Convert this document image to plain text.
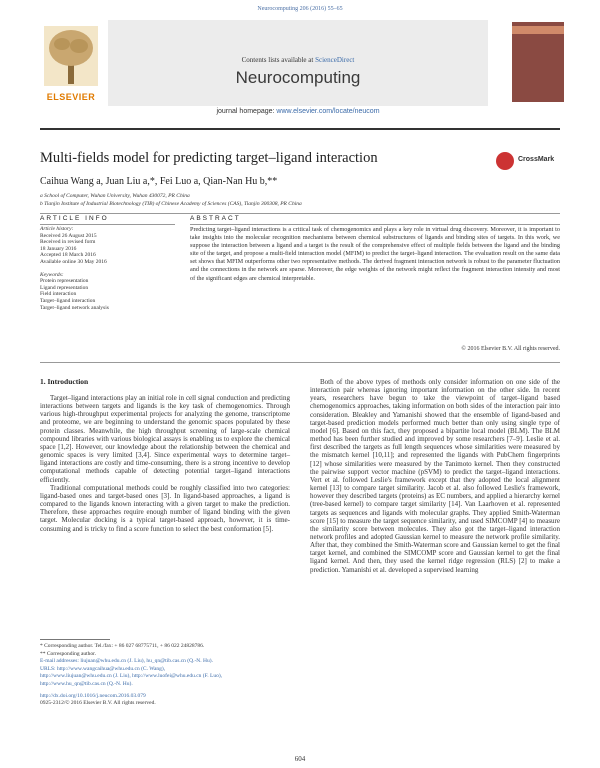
Neurocomputing 206 (2016) 55–65
ELSEVIER
Contents lists available at ScienceDirect
Neurocomputing
journal homepage: www.elsevier.com/locate/neucom
Multi-fields model for predicting target–ligand interaction	CrossMark
Caihua Wang a, Juan Liu a,*, Fei Luo a, Qian-Nan Hu b,**
a School of Computer, Wuhan University, Wuhan 430072, PR China
b Tianjin Institute of Industrial Biotechnology (TIB) of Chinese Academy of Sciences (CAS), Tianjin 300308, PR China
ARTICLE INFO	ABSTRACT
Article history:
Received 26 August 2015
Received in revised form
18 January 2016
Accepted 18 March 2016
Available online 30 May 2016
Keywords:
Protein representation
Ligand representation
Field interaction
Target–ligand interaction
Target–ligand network analysis
Predicting target–ligand interactions is a critical task of chemogenomics and plays a key role in virtual drug discovery. Moreover, it is important to take insights into the molecular recognition mechanisms between chemical substructures of ligands and binding sites of targets. In this work, we suppose the interaction between a ligand and a target is the result of the comprehensive effect of multiple fields between the ligand and the binding site of the target, and propose a multi-field interaction model (MFIM) to predict the target–ligand interaction. The evaluation result on the same data set shows that MFIM outperforms other two representative methods. The derived fragment interaction network is robust to the parameter fluctuation and the connections in the network are sparse. Moreover, the edge weights of the network might reflect the fragment interaction intensity and most of the significant edges are chemical interpretable.
© 2016 Elsevier B.V. All rights reserved.
1. Introduction

Target–ligand interactions play an initial role in cell signal conduction and predicting interactions between targets and ligands is the key task of chemogenomics. Through various high-throughput experimental projects for analyzing the genome, transcriptome and proteome, we are beginning to understand the genomic spaces populated by these protein classes. Meanwhile, the high throughput screening of large-scale chemical compound libraries with various biological assays is enabling us to explore the chemical space [1,2]. However, our knowledge about the relationship between the chemical and genomic spaces is very limited [3,4]. Since experimental ways to determine target–ligand interactions are costly and time-consuming, there is a strong incentive to develop computational methods capable of detecting potential target–ligand interactions efficiently.

Traditional computational methods could be roughly classified into two categories: ligand-based ones and target-based ones [3]. In ligand-based approaches, a ligand is compared to the ligands known interacting with a given target to make the prediction. Therefore, these approaches require enough number of ligand binding with the given target. Molecular docking is a typical target-based approach, however, it is time-consuming and is tricky to find a score function to select the best conformation [5].

Both of the above types of methods only consider information on one side of the interaction pair whereas ignoring important information on the other side. In recent years, researchers have begun to take the viewpoint of target–ligand based chemogenomics approaches, taking information on both sides of the interaction pair into consideration. Bleakley and Yamanishi showed that the ensemble of ligand-based and target-based prediction models performed much better than only using single type of model [6]. Based on this fact, they proposed a bipartite local model (BLM). The BLM method has been further studied and improved by some researchers [7–9]. Leslie et al. first described the targets as full length sequences whose similarities were measured by the mismatch kernel [10,11]; and represented the ligands with PubChem fingerprints [12] whose similarities were measured by the Tanimoto kernel. Then they constructed the pairwise support vector machine (pSVM) to predict the target–ligand interactions. Vert et al. followed Leslie's framework except that they adopted the local alignment kernel [13] to compare target similarity. Jacob et al. also followed Leslie's framework, however they described targets (proteins) as EC numbers, and applied a hierarchy kernel (tree-based kernel) to compare target similarity [14]. Van Laarhoven et al. represented targets as sequences and ligands with molecular graphs. They applied Smith-Waterman score [15] to measure the target sequence similarity, and used SIMCOMP [4] to measure the similarity score between molecules. They also got the target–ligand interaction network profiles and adopted Gaussian kernel to measure the network profile similarity. After that, they combined the Smith-Waterman score and Gaussian kernel to get the final target kernel, and combined the SIMCOMP score and Gaussian kernel to get the final ligand kernel. And then, they used the kernel ridge regression (RLS) [2] to make a prediction. Yamanishi et al. developed a supervised learning

* Corresponding author. Tel./fax: + 86 027 68775711, + 86 022 24828786.
** Corresponding author.
E-mail addresses: liujuan@whu.edu.cn (J. Liu), hu_qn@tib.cas.cn (Q.-N. Hu).
URLS: http://www.wangcaihua@whu.edu.cn (C. Wang),
http://www.liujuan@whu.edu.cn (J. Liu), http://www.luofei@whu.edu.cn (F. Luo),
http://www.hu_qn@tib.cas.cn (Q.-N. Hu).
http://dx.doi.org/10.1016/j.neucom.2016.03.079
0925-2312/© 2016 Elsevier B.V. All rights reserved.
604
